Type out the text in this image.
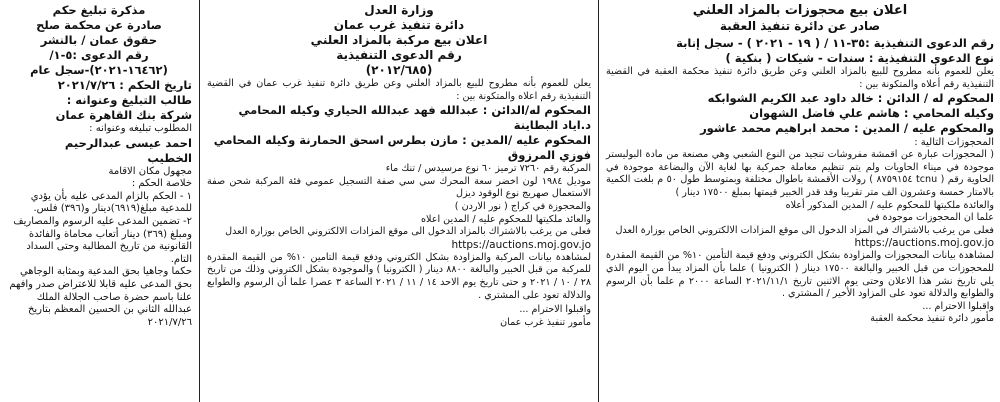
اعلان بيع محجوزات بالمزاد العلني

صادر عن دائرة تنفيذ العقبة

رقم الدعوى التنفيذية :٣٥-١١ / ( ١٩ - ٢٠٢١ ) - سجل إنابة

نوع الدعوى التنفيذية : سندات - شيكات ( بنكية )

يعلن للعموم بأنه مطروح للبيع بالمزاد العلني وعن طريق دائرة تنفيذ محكمة العقبة في القضية التنفيذية رقم أعلاه والمتكونة بين :

المحكوم له / الدائن : خالد داود عبد الكريم الشوابكه

وكيله المحامي : هاشم علي فاضل الشهوان

والمحكوم عليه / المدين : محمد ابراهيم محمد عاشور

المحجوزات التالية :

( المحجوزات عبارة عن اقمشة مفروشات تنجيد من النوع الشعبي وهي مصنعة من مادة البوليستر موجودة في ميناء الحاويات ولم يتم تنظيم معاملة جمركية بها لغاية الآن والبضاعة موجودة في الحاوية رقم ( tcnu ٨٧٥٩١٥٤ ) رولات الأقمشة باطوال مختلفة وبمتوسط طول ٥٠ م بلغت الكمية بالامتار خمسة وعشرون الف متر تقريبا وقد قدر الخبير قيمتها بمبلغ ١٧٥٠٠ دينار )

والعائدة ملكيتها للمحكوم عليه / المدين المذكور أعلاه

علما ان المحجوزات موجودة في

فعلى من يرغب بالاشتراك في المزاد الدخول الى موقع المزادات الالكتروني الخاص بوزارة العدل

https://auctions.moj.gov.jo

لمشاهدة بيانات المحجوزات والمزاودة بشكل الكتروني ودفع قيمة التأمين ١٠% من القيمة المقدرة للمحجوزات من قبل الخبير والبالغة ١٧٥٠٠ دينار ( الكترونيا ) علما بأن المزاد يبدأ من اليوم الذي يلي تاريخ نشر هذا الاعلان وحتى يوم الاثنين تاريخ ٢٠٢١/١١/١ الساعة ٢٠٠٠ م علما بأن الرسوم والطوابع والدلالة تعود على المزاود الأخير / المشتري .

واقبلوا الاحترام ...

مأمور دائرة تنفيذ محكمة العقبة

وزارة العدل

دائرة تنفيذ غرب عمان

اعلان بيع مركبة بالمزاد العلني

رقم الدعوى التنفيذية

(٢٠١٢/٦٨٥)

يعلن للعموم بأنه مطروح للبيع بالمزاد العلني وعن طريق دائرة تنفيذ غرب عمان في القضية التنفيذية رقم اعلاه والمتكونة بين :

المحكوم له/الدائن : عبدالله فهد عبدالله الحياري وكيله المحامي د.اياد البطاينة

المحكوم عليه /المدين : مازن بطرس اسحق الحمارنة وكيله المحامي فوزي المرزوق

المركبة رقم ٧٢٦٠ ترميز ٦٠ نوع مرسيدس / تنك ماء

موديل ١٩٨٤ لون اخضر سعة المحرك سي سي صفة التسجيل عمومي فئة المركبة شحن صفة الاستعمال صهريج نوع الوقود ديزل

والمحجوزة في كراج ( نور الاردن )

والعائد ملكيتها للمحكوم عليه / المدين اعلاه

فعلى من يرغب بالاشتراك بالمزاد الدخول الى موقع المزادات الالكتروني الخاص بوزارة العدل

https://auctions.moj.gov.jo

لمشاهدة بيانات المركبة والمزاودة بشكل الكتروني ودفع قيمة التامين ١٠% من القيمة المقدرة للمركبة من قبل الخبير والبالغة ٨٨٠٠ دينار ( الكترونيا ) والموجودة بشكل الكتروني وذلك من تاريخ ٢٨ / ١٠ / ٢٠٢١ و حتى تاريخ يوم الاحد ١٤ / ١١ / ٢٠٢١ الساعة ٣ عصرا علما أن الرسوم والطوابع والدلالة تعود على المشتري .

واقبلوا الاحترام ...

مأمور تنفيذ غرب عمان

مذكرة تبليغ حكم

صادرة عن محكمة صلح

حقوق عمان / بالنشر

رقم الدعوى :٥-١/

(١٦٤٦٢-٢٠٢١)-سجل عام

تاريخ الحكم : ٢٠٢١/٧/٢٦

طالب التبليغ وعنوانه :

شركة بنك القاهرة عمان

المطلوب تبليغه وعنوانه :

احمد عيسى عبدالرحيم

الخطيب

مجهول مكان الاقامة

خلاصة الحكم :

١ - الحكم بالزام المدعى عليه بأن يؤدي للمدعية مبلغ(٦٩١٩)دينار و(٣٩٦) فلس.

٢- تضمين المدعى عليه الرسوم والمصاريف ومبلغ (٣٦٩) دينار أتعاب محاماة والفائدة القانونية من تاريخ المطالبة وحتى السداد التام.

حكما وجاهيا بحق المدعية وبمثابة الوجاهي بحق المدعى عليه قابلا للاعتراض صدر وافهم علنا باسم حضرة صاحب الجلالة الملك عبدالله الثاني بن الحسين المعظم بتاريخ ٢٠٢١/٧/٢٦
